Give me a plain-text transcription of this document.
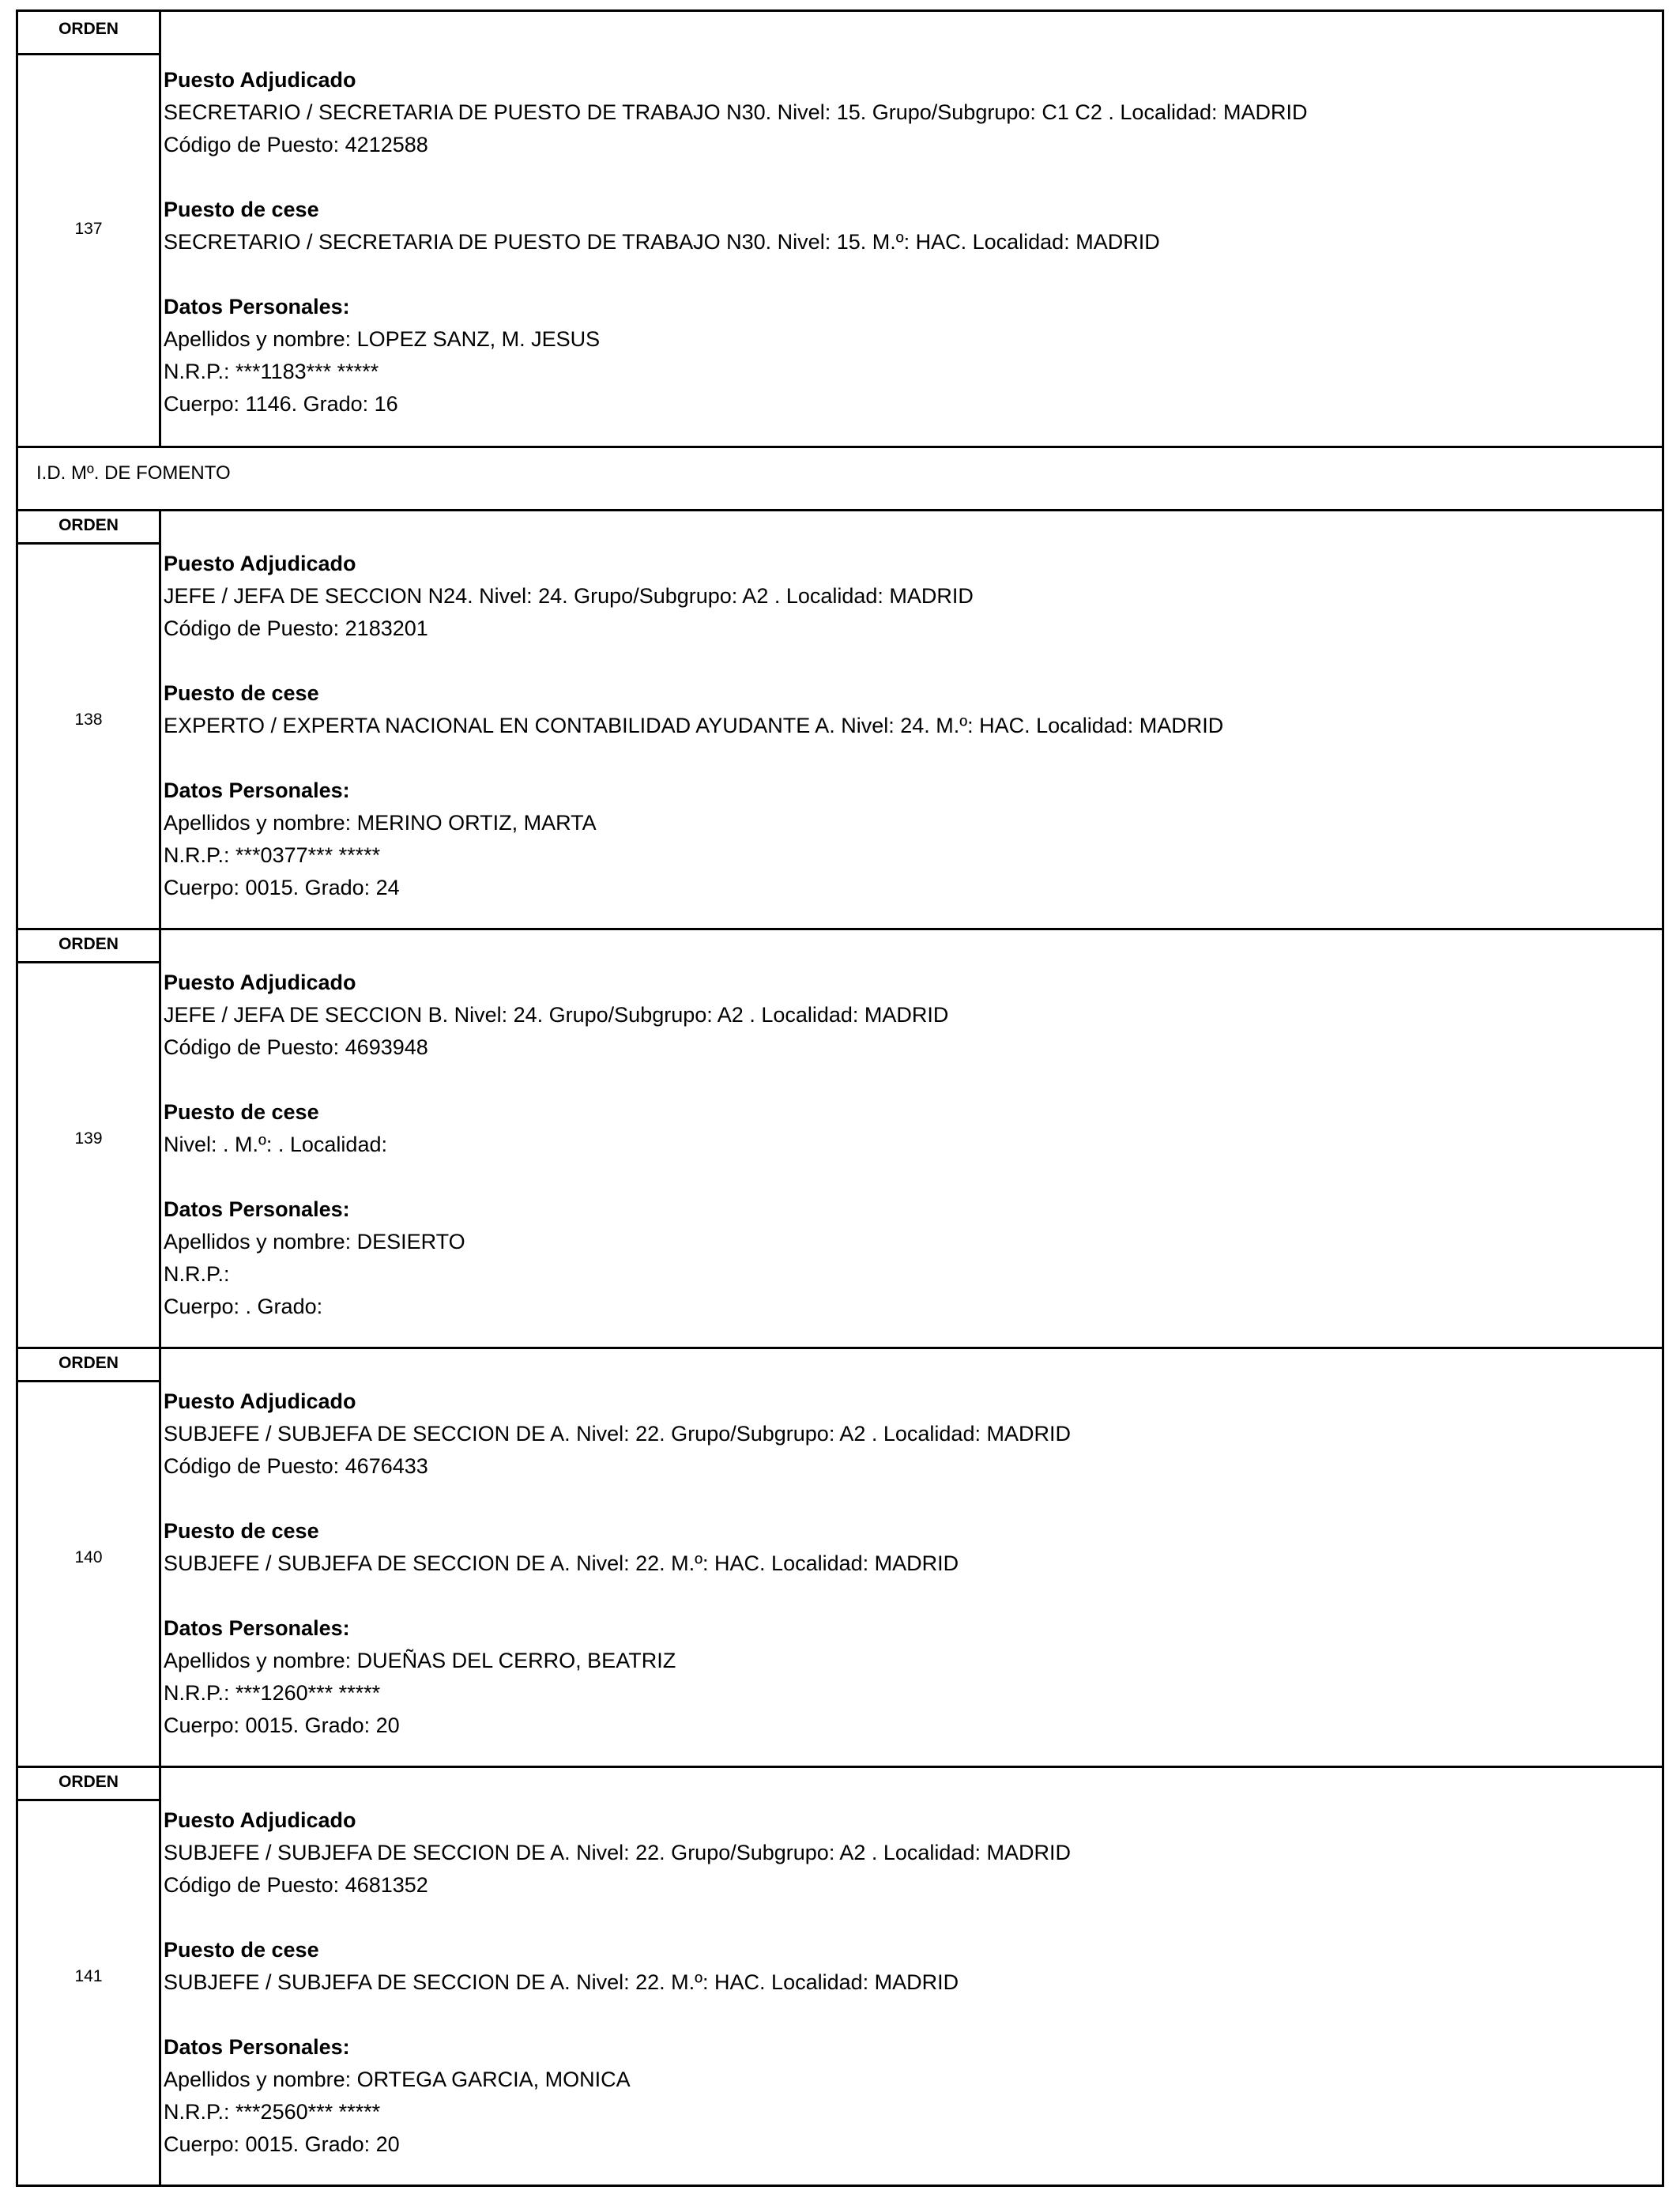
ORDEN
137
Puesto Adjudicado
SECRETARIO / SECRETARIA DE PUESTO DE TRABAJO N30. Nivel: 15. Grupo/Subgrupo: C1 C2 . Localidad: MADRID
Código de Puesto: 4212588
Puesto de cese
SECRETARIO / SECRETARIA DE PUESTO DE TRABAJO N30. Nivel: 15. M.º: HAC. Localidad: MADRID
Datos Personales:
Apellidos y nombre: LOPEZ SANZ, M. JESUS
N.R.P.: ***1183*** *****
Cuerpo: 1146. Grado: 16
I.D. Mº. DE FOMENTO
ORDEN
138
Puesto Adjudicado
JEFE / JEFA DE SECCION N24. Nivel: 24. Grupo/Subgrupo: A2 . Localidad: MADRID
Código de Puesto: 2183201
Puesto de cese
EXPERTO / EXPERTA NACIONAL EN CONTABILIDAD AYUDANTE A. Nivel: 24. M.º: HAC. Localidad: MADRID
Datos Personales:
Apellidos y nombre: MERINO ORTIZ, MARTA
N.R.P.: ***0377*** *****
Cuerpo: 0015. Grado: 24
ORDEN
139
Puesto Adjudicado
JEFE / JEFA DE SECCION B. Nivel: 24. Grupo/Subgrupo: A2 . Localidad: MADRID
Código de Puesto: 4693948
Puesto de cese
Nivel: . M.º: . Localidad:
Datos Personales:
Apellidos y nombre: DESIERTO
N.R.P.:
Cuerpo: . Grado:
ORDEN
140
Puesto Adjudicado
SUBJEFE / SUBJEFA DE SECCION DE A. Nivel: 22. Grupo/Subgrupo: A2 . Localidad: MADRID
Código de Puesto: 4676433
Puesto de cese
SUBJEFE / SUBJEFA DE SECCION DE A. Nivel: 22. M.º: HAC. Localidad: MADRID
Datos Personales:
Apellidos y nombre: DUEÑAS DEL CERRO, BEATRIZ
N.R.P.: ***1260*** *****
Cuerpo: 0015. Grado: 20
ORDEN
141
Puesto Adjudicado
SUBJEFE / SUBJEFA DE SECCION DE A. Nivel: 22. Grupo/Subgrupo: A2 . Localidad: MADRID
Código de Puesto: 4681352
Puesto de cese
SUBJEFE / SUBJEFA DE SECCION DE A. Nivel: 22. M.º: HAC. Localidad: MADRID
Datos Personales:
Apellidos y nombre: ORTEGA GARCIA, MONICA
N.R.P.: ***2560*** *****
Cuerpo: 0015. Grado: 20
